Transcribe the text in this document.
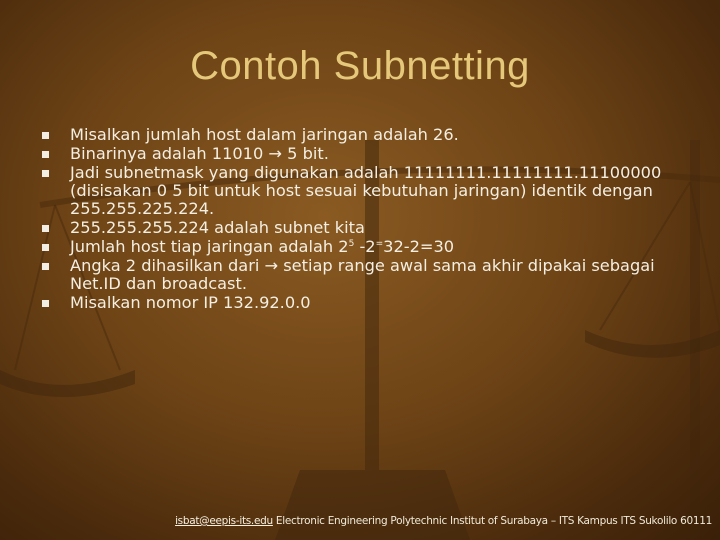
Contoh Subnetting
Misalkan jumlah host dalam jaringan adalah 26.
Binarinya adalah 11010 → 5 bit.
Jadi subnetmask yang digunakan adalah 11111111.11111111.11100000 (disisakan 0 5 bit untuk host sesuai kebutuhan jaringan) identik dengan 255.255.225.224.
255.255.255.224 adalah subnet kita
Jumlah host tiap jaringan adalah $2^5$ -2=32-2=30
Angka 2 dihasilkan dari → setiap range awal sama akhir dipakai sebagai Net.ID dan broadcast.
Misalkan nomor IP 132.92.0.0
isbat@eepis-its.edu Electronic Engineering Polytechnic Institut of Surabaya – ITS Kampus ITS Sukolilo 60111
